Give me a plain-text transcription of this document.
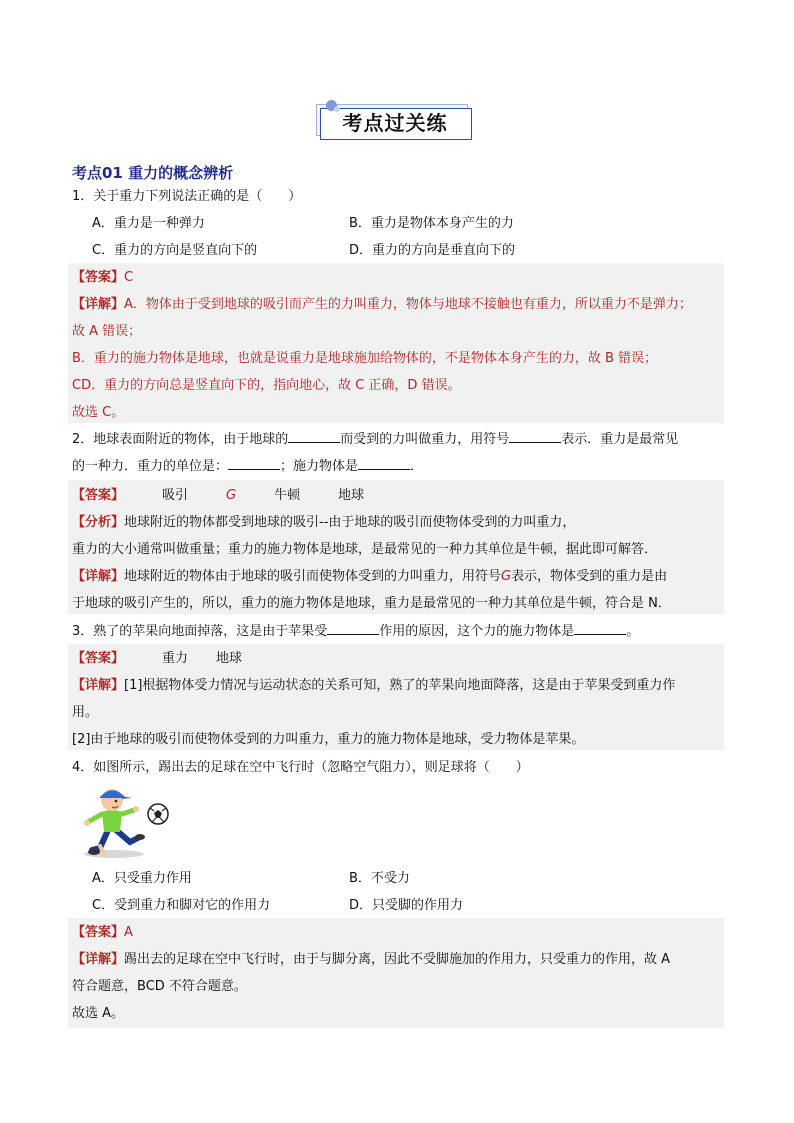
考点过关练
考点01 重力的概念辨析
1．关于重力下列说法正确的是（　　）
A．重力是一种弹力	B．重力是物体本身产生的力
C．重力的方向是竖直向下的	D．重力的方向是垂直向下的
【答案】C
【详解】A．物体由于受到地球的吸引而产生的力叫重力，物体与地球不接触也有重力，所以重力不是弹力；
故 A 错误；
B．重力的施力物体是地球，也就是说重力是地球施加给物体的，不是物体本身产生的力，故 B 错误；
CD．重力的方向总是竖直向下的，指向地心，故 C 正确，D 错误。
故选 C。
2．地球表面附近的物体，由于地球的	而受到的力叫做重力，用符号	表示．重力是最常见
的一种力．重力的单位是：	；施力物体是	．
【答案】	吸引	G	牛顿	地球
【分析】地球附近的物体都受到地球的吸引--由于地球的吸引而使物体受到的力叫重力，
重力的大小通常叫做重量；重力的施力物体是地球，是最常见的一种力其单位是牛顿，据此即可解答．
【详解】地球附近的物体由于地球的吸引而使物体受到的力叫重力，用符号G表示，物体受到的重力是由
于地球的吸引产生的，所以，重力的施力物体是地球，重力是最常见的一种力其单位是牛顿，符合是 N．
3．熟了的苹果向地面掉落，这是由于苹果受	作用的原因，这个力的施力物体是	。
【答案】	重力 地球
【详解】[1]根据物体受力情况与运动状态的关系可知，熟了的苹果向地面降落，这是由于苹果受到重力作
用。
[2]由于地球的吸引而使物体受到的力叫重力，重力的施力物体是地球，受力物体是苹果。
4．如图所示，踢出去的足球在空中飞行时（忽略空气阻力），则足球将（　　）
A．只受重力作用	B．不受力
C．受到重力和脚对它的作用力	D．只受脚的作用力
【答案】A
【详解】踢出去的足球在空中飞行时，由于与脚分离，因此不受脚施加的作用力，只受重力的作用，故 A
符合题意，BCD 不符合题意。
故选 A。
